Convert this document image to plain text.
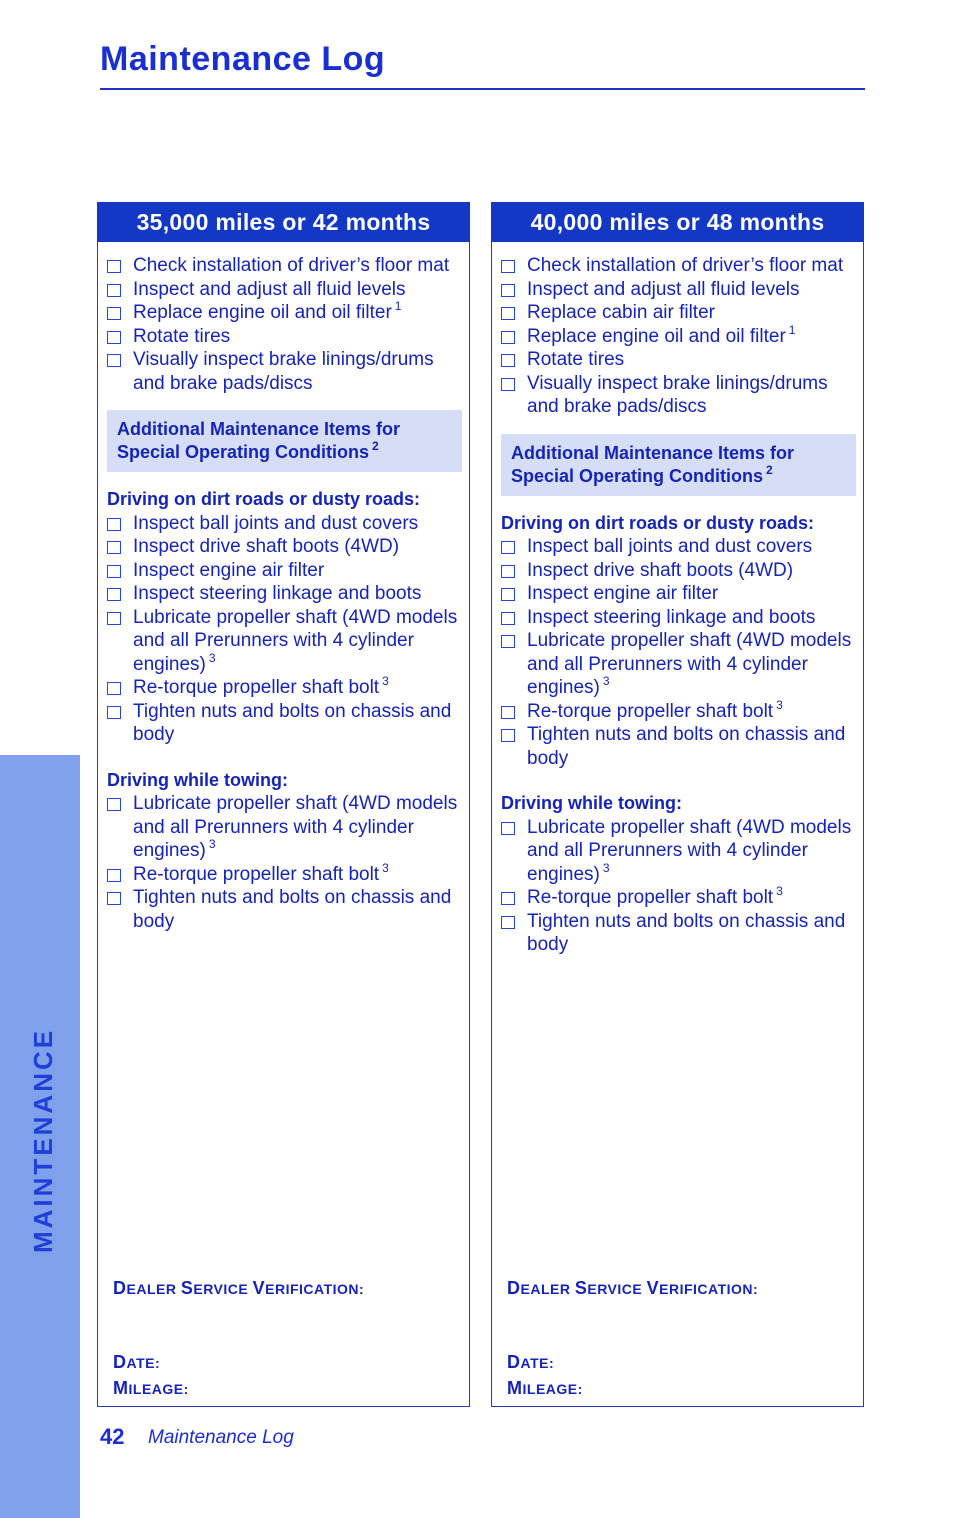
Maintenance Log
MAINTENANCE
35,000 miles or 42 months
Check installation of driver’s floor mat
Inspect and adjust all fluid levels
Replace engine oil and oil filter $^1$
Rotate tires
Visually inspect brake linings/drums and brake pads/discs
Additional Maintenance Items for
Special Operating Conditions $^2$
Driving on dirt roads or dusty roads:
Inspect ball joints and dust covers
Inspect drive shaft boots (4WD)
Inspect engine air filter
Inspect steering linkage and boots
Lubricate propeller shaft (4WD models and all Prerunners with 4 cylinder engines) $^3$
Re-torque propeller shaft bolt $^3$
Tighten nuts and bolts on chassis and body
Driving while towing:
Lubricate propeller shaft (4WD models and all Prerunners with 4 cylinder engines) $^3$
Re-torque propeller shaft bolt $^3$
Tighten nuts and bolts on chassis and body
DEALER SERVICE VERIFICATION:
DATE:
MILEAGE:
40,000 miles or 48 months
Check installation of driver’s floor mat
Inspect and adjust all fluid levels
Replace cabin air filter
Replace engine oil and oil filter $^1$
Rotate tires
Visually inspect brake linings/drums and brake pads/discs
Additional Maintenance Items for
Special Operating Conditions $^2$
Driving on dirt roads or dusty roads:
Inspect ball joints and dust covers
Inspect drive shaft boots (4WD)
Inspect engine air filter
Inspect steering linkage and boots
Lubricate propeller shaft (4WD models and all Prerunners with 4 cylinder engines) $^3$
Re-torque propeller shaft bolt $^3$
Tighten nuts and bolts on chassis and body
Driving while towing:
Lubricate propeller shaft (4WD models and all Prerunners with 4 cylinder engines) $^3$
Re-torque propeller shaft bolt $^3$
Tighten nuts and bolts on chassis and body
DEALER SERVICE VERIFICATION:
DATE:
MILEAGE:
42 Maintenance Log
